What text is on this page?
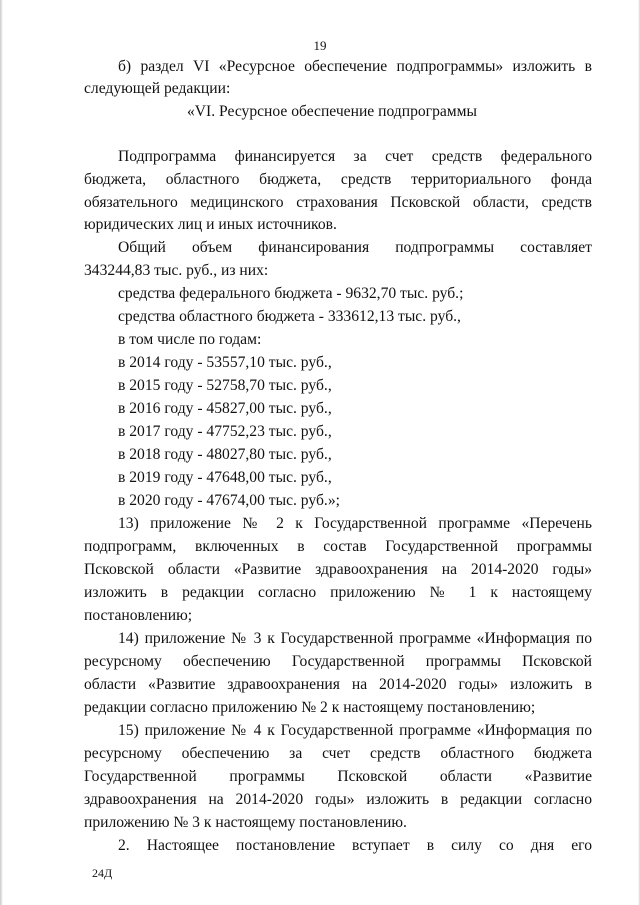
19
б) раздел VI «Ресурсное обеспечение подпрограммы» изложить в
следующей редакции:
«VI. Ресурсное обеспечение подпрограммы
Подпрограмма финансируется за счет средств федерального
бюджета, областного бюджета, средств территориального фонда
обязательного медицинского страхования Псковской области, средств
юридических лиц и иных источников.
Общий объем финансирования подпрограммы составляет
343244,83 тыс. руб., из них:
средства федерального бюджета - 9632,70 тыс. руб.;
средства областного бюджета - 333612,13 тыс. руб.,
в том числе по годам:
в 2014 году - 53557,10 тыс. руб.,
в 2015 году - 52758,70 тыс. руб.,
в 2016 году - 45827,00 тыс. руб.,
в 2017 году - 47752,23 тыс. руб.,
в 2018 году - 48027,80 тыс. руб.,
в 2019 году - 47648,00 тыс. руб.,
в 2020 году - 47674,00 тыс. руб.»;
13) приложение № 2 к Государственной программе «Перечень
подпрограмм, включенных в состав Государственной программы
Псковской области «Развитие здравоохранения на 2014-2020 годы»
изложить в редакции согласно приложению № 1 к настоящему
постановлению;
14) приложение № 3 к Государственной программе «Информация по
ресурсному обеспечению Государственной программы Псковской
области «Развитие здравоохранения на 2014-2020 годы» изложить в
редакции согласно приложению № 2 к настоящему постановлению;
15) приложение № 4 к Государственной программе «Информация по
ресурсному обеспечению за счет средств областного бюджета
Государственной программы Псковской области «Развитие
здравоохранения на 2014-2020 годы» изложить в редакции согласно
приложению № 3 к настоящему постановлению.
2. Настоящее постановление вступает в силу со дня его
24Д
